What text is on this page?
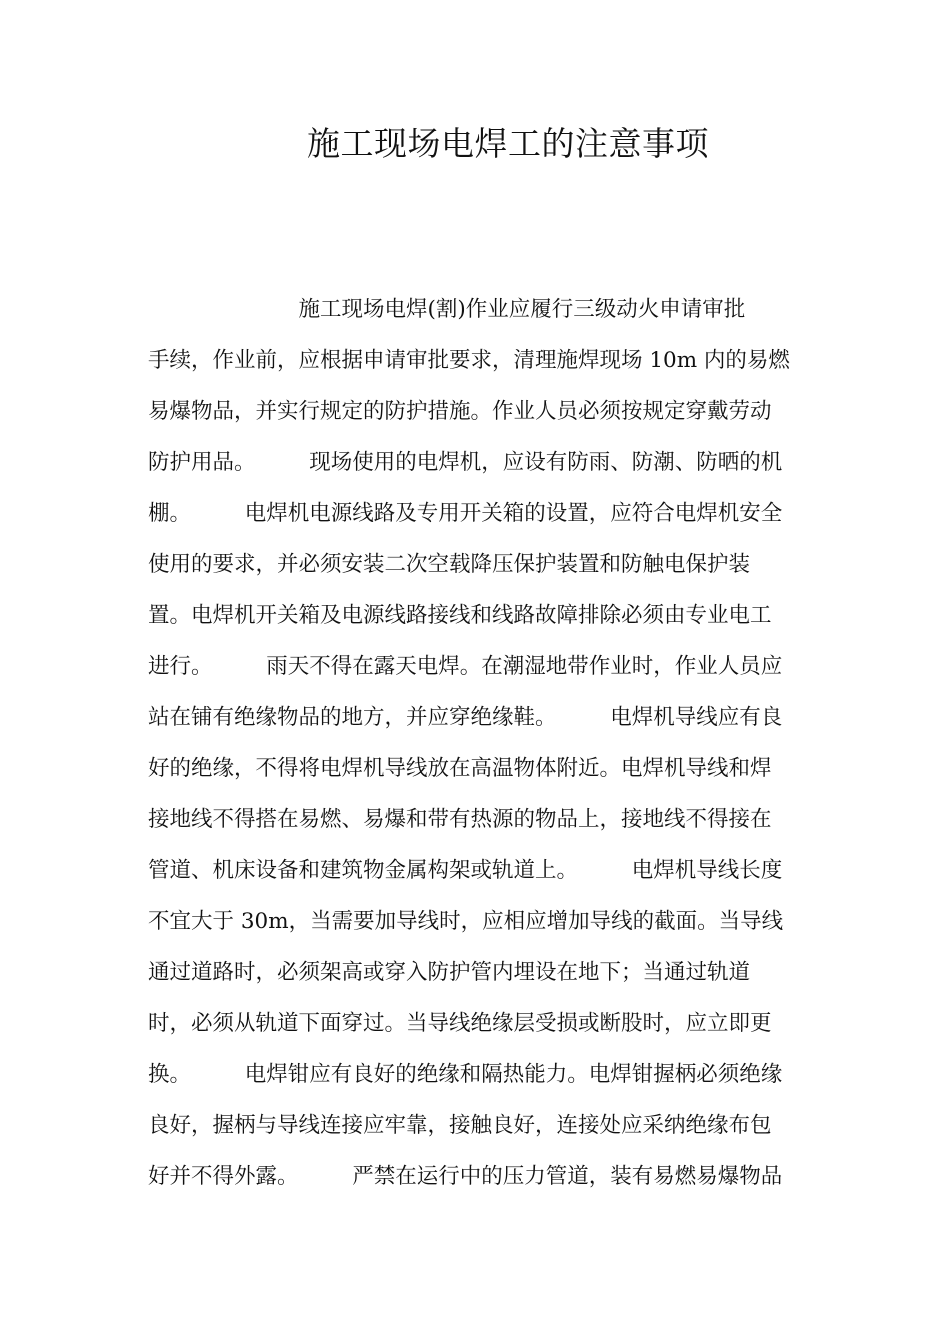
施工现场电焊工的注意事项
　　　　　　　施工现场电焊(割)作业应履行三级动火申请审批
手续，作业前，应根据申请审批要求，清理施焊现场 10m 内的易燃
易爆物品，并实行规定的防护措施。作业人员必须按规定穿戴劳动
防护用品。　　　现场使用的电焊机，应设有防雨、防潮、防晒的机
棚。　　　电焊机电源线路及专用开关箱的设置，应符合电焊机安全
使用的要求，并必须安装二次空载降压保护装置和防触电保护装
置。电焊机开关箱及电源线路接线和线路故障排除必须由专业电工
进行。　　　雨天不得在露天电焊。在潮湿地带作业时，作业人员应
站在铺有绝缘物品的地方，并应穿绝缘鞋。　　　电焊机导线应有良
好的绝缘，不得将电焊机导线放在高温物体附近。电焊机导线和焊
接地线不得搭在易燃、易爆和带有热源的物品上，接地线不得接在
管道、机床设备和建筑物金属构架或轨道上。　　　电焊机导线长度
不宜大于 30m，当需要加导线时，应相应增加导线的截面。当导线
通过道路时，必须架高或穿入防护管内埋设在地下；当通过轨道
时，必须从轨道下面穿过。当导线绝缘层受损或断股时，应立即更
换。　　　电焊钳应有良好的绝缘和隔热能力。电焊钳握柄必须绝缘
良好，握柄与导线连接应牢靠，接触良好，连接处应采纳绝缘布包
好并不得外露。　　　严禁在运行中的压力管道，装有易燃易爆物品
